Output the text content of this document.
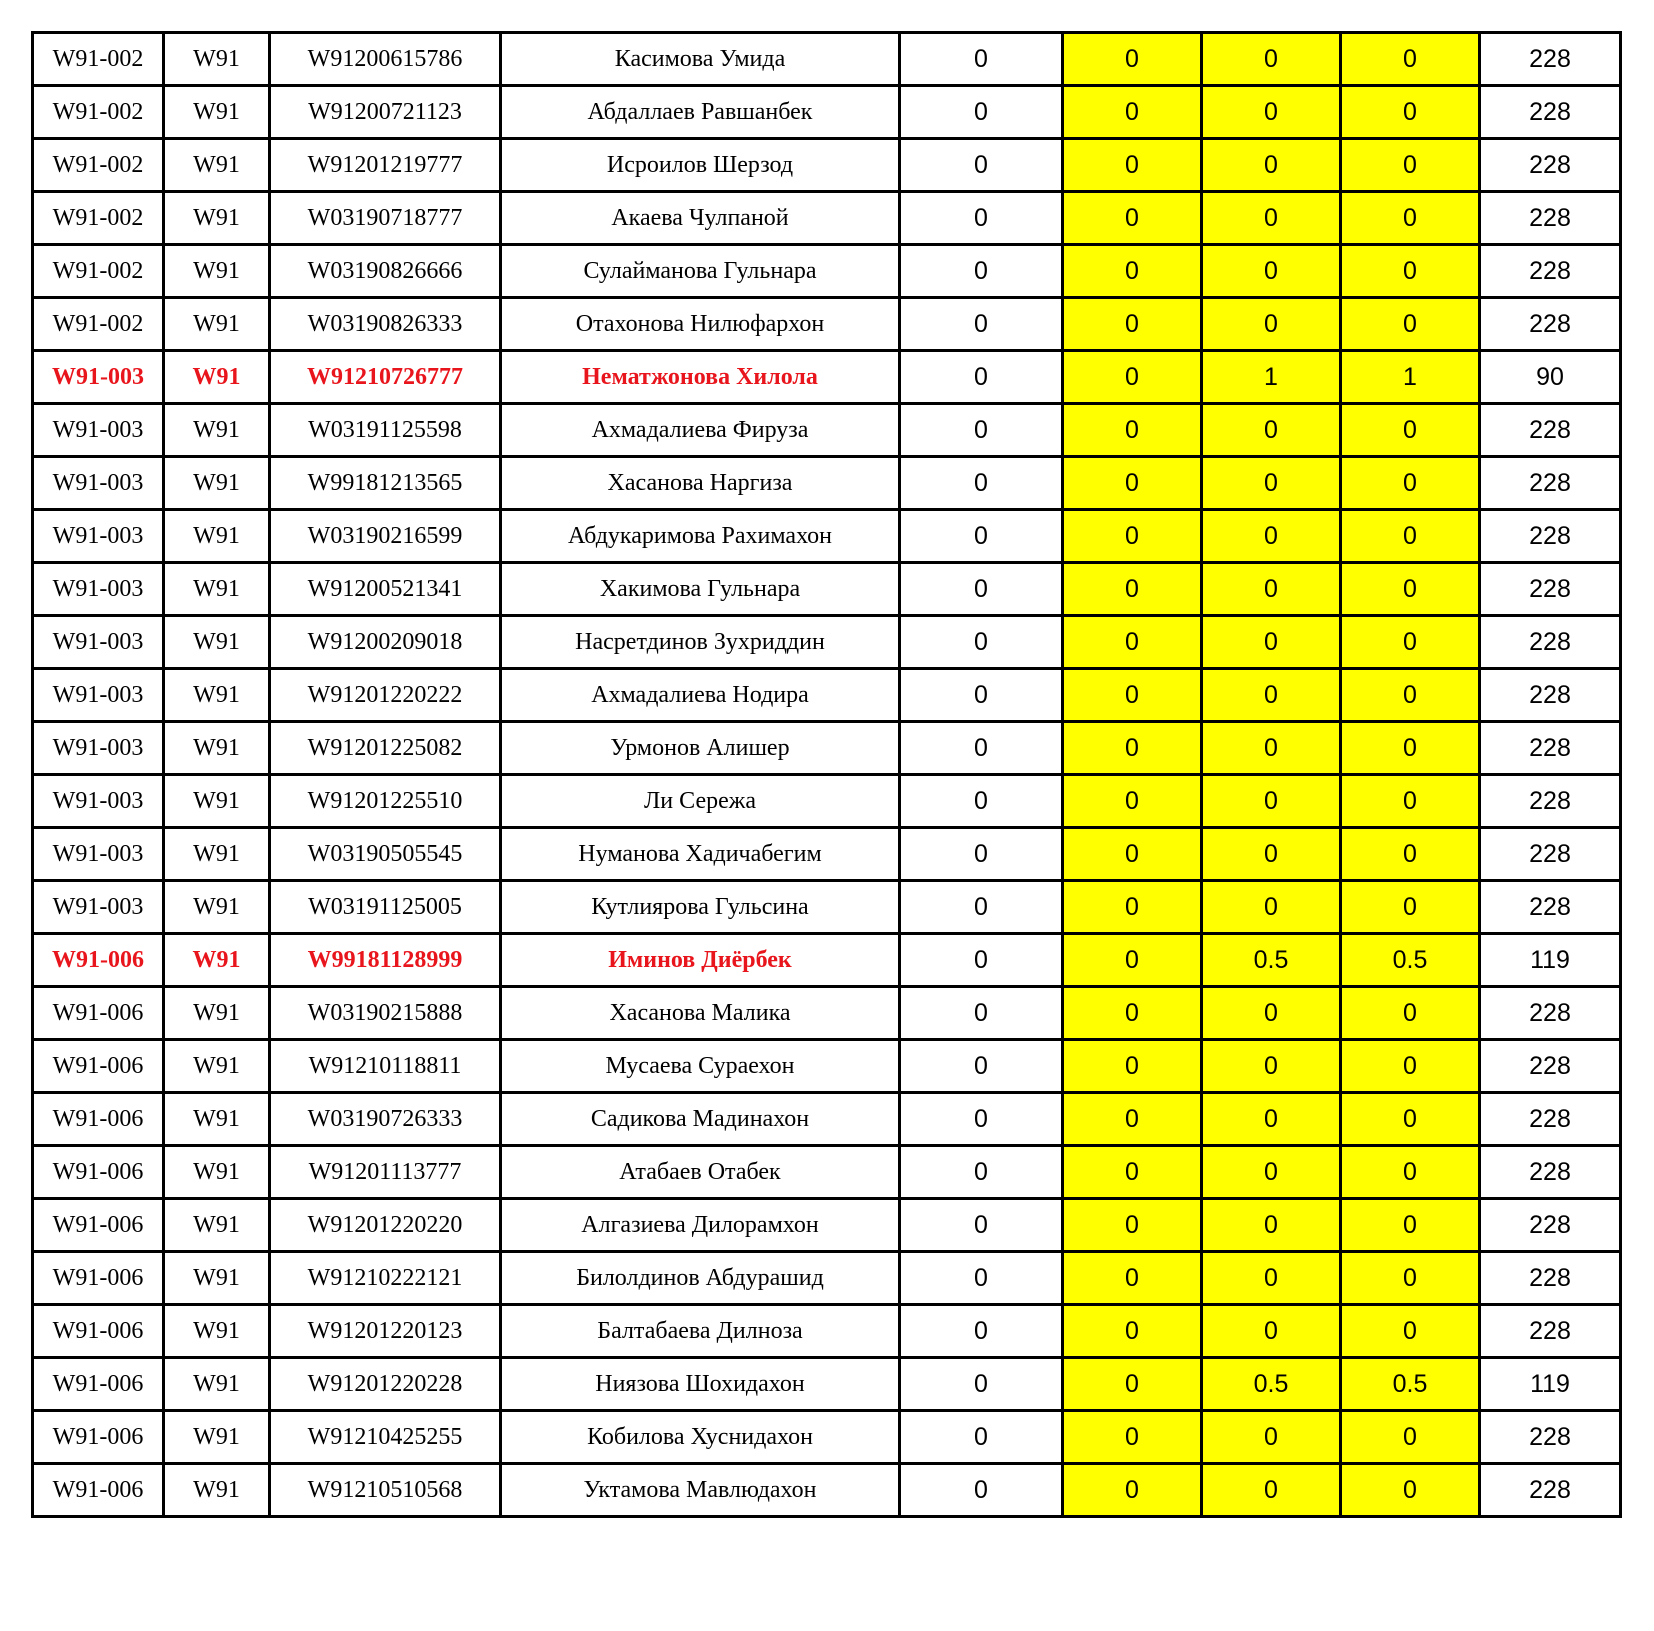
W91-002	W91	W91200615786	Касимова Умида	0	0	0	0	228
W91-002	W91	W91200721123	Абдаллаев Равшанбек	0	0	0	0	228
W91-002	W91	W91201219777	Исроилов Шерзод	0	0	0	0	228
W91-002	W91	W03190718777	Акаева Чулпаной	0	0	0	0	228
W91-002	W91	W03190826666	Сулайманова Гульнара	0	0	0	0	228
W91-002	W91	W03190826333	Отахонова Нилюфархон	0	0	0	0	228
W91-003	W91	W91210726777	Нематжонова Хилола	0	0	1	1	90
W91-003	W91	W03191125598	Ахмадалиева Фируза	0	0	0	0	228
W91-003	W91	W99181213565	Хасанова Наргиза	0	0	0	0	228
W91-003	W91	W03190216599	Абдукаримова Рахимахон	0	0	0	0	228
W91-003	W91	W91200521341	Хакимова Гульнара	0	0	0	0	228
W91-003	W91	W91200209018	Насретдинов Зухриддин	0	0	0	0	228
W91-003	W91	W91201220222	Ахмадалиева Нодира	0	0	0	0	228
W91-003	W91	W91201225082	Урмонов Алишер	0	0	0	0	228
W91-003	W91	W91201225510	Ли Сережа	0	0	0	0	228
W91-003	W91	W03190505545	Нуманова Хадичабегим	0	0	0	0	228
W91-003	W91	W03191125005	Кутлиярова Гульсина	0	0	0	0	228
W91-006	W91	W99181128999	Иминов Диёрбек	0	0	0.5	0.5	119
W91-006	W91	W03190215888	Хасанова Малика	0	0	0	0	228
W91-006	W91	W91210118811	Мусаева Сураехон	0	0	0	0	228
W91-006	W91	W03190726333	Садикова Мадинахон	0	0	0	0	228
W91-006	W91	W91201113777	Атабаев Отабек	0	0	0	0	228
W91-006	W91	W91201220220	Алгазиева Дилорамхон	0	0	0	0	228
W91-006	W91	W91210222121	Билолдинов Абдурашид	0	0	0	0	228
W91-006	W91	W91201220123	Балтабаева Дилноза	0	0	0	0	228
W91-006	W91	W91201220228	Ниязова Шохидахон	0	0	0.5	0.5	119
W91-006	W91	W91210425255	Кобилова Хуснидахон	0	0	0	0	228
W91-006	W91	W91210510568	Уктамова Мавлюдахон	0	0	0	0	228
